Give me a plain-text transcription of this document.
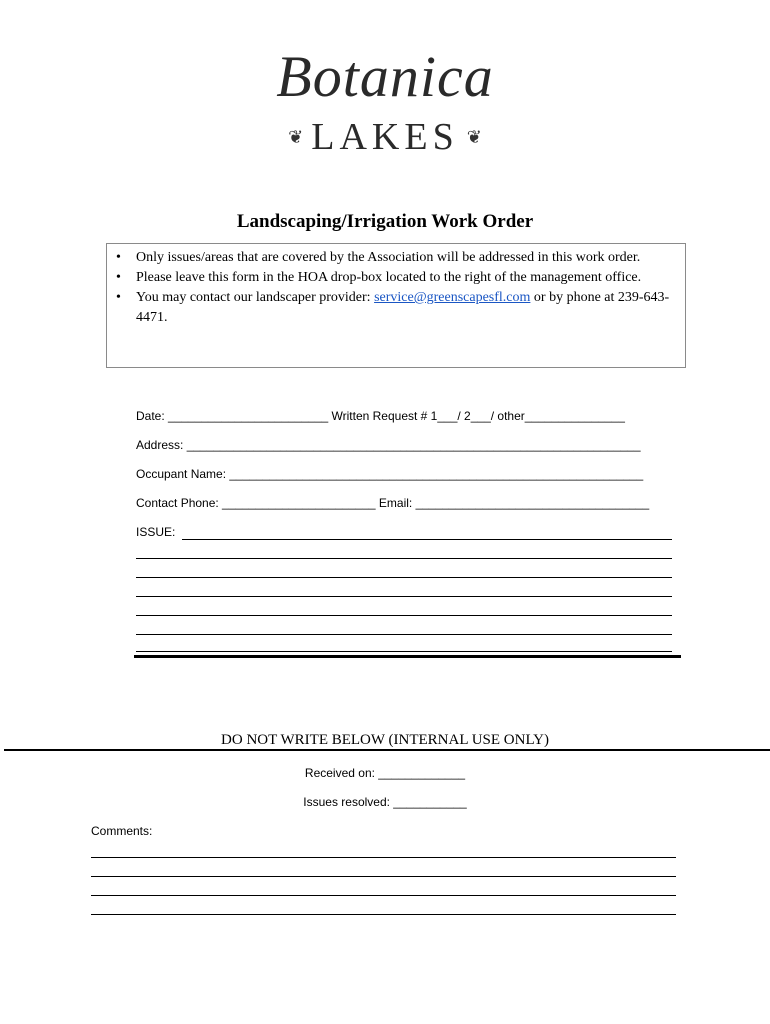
Botanica
❦ LAKES ❦
Landscaping/Irrigation Work Order
• Only issues/areas that are covered by the Association will be addressed in this work order.
• Please leave this form in the HOA drop-box located to the right of the management office.
• You may contact our landscaper provider: service@greenscapesfl.com or by phone at 239-643-4471.
Date: ________________________ Written Request # 1___/ 2___/ other_______________
Address: ____________________________________________________________________
Occupant Name: ______________________________________________________________
Contact Phone: _______________________ Email: ___________________________________
ISSUE:
DO NOT WRITE BELOW (INTERNAL USE ONLY)
Received on: _____________
Issues resolved: ___________
Comments:
